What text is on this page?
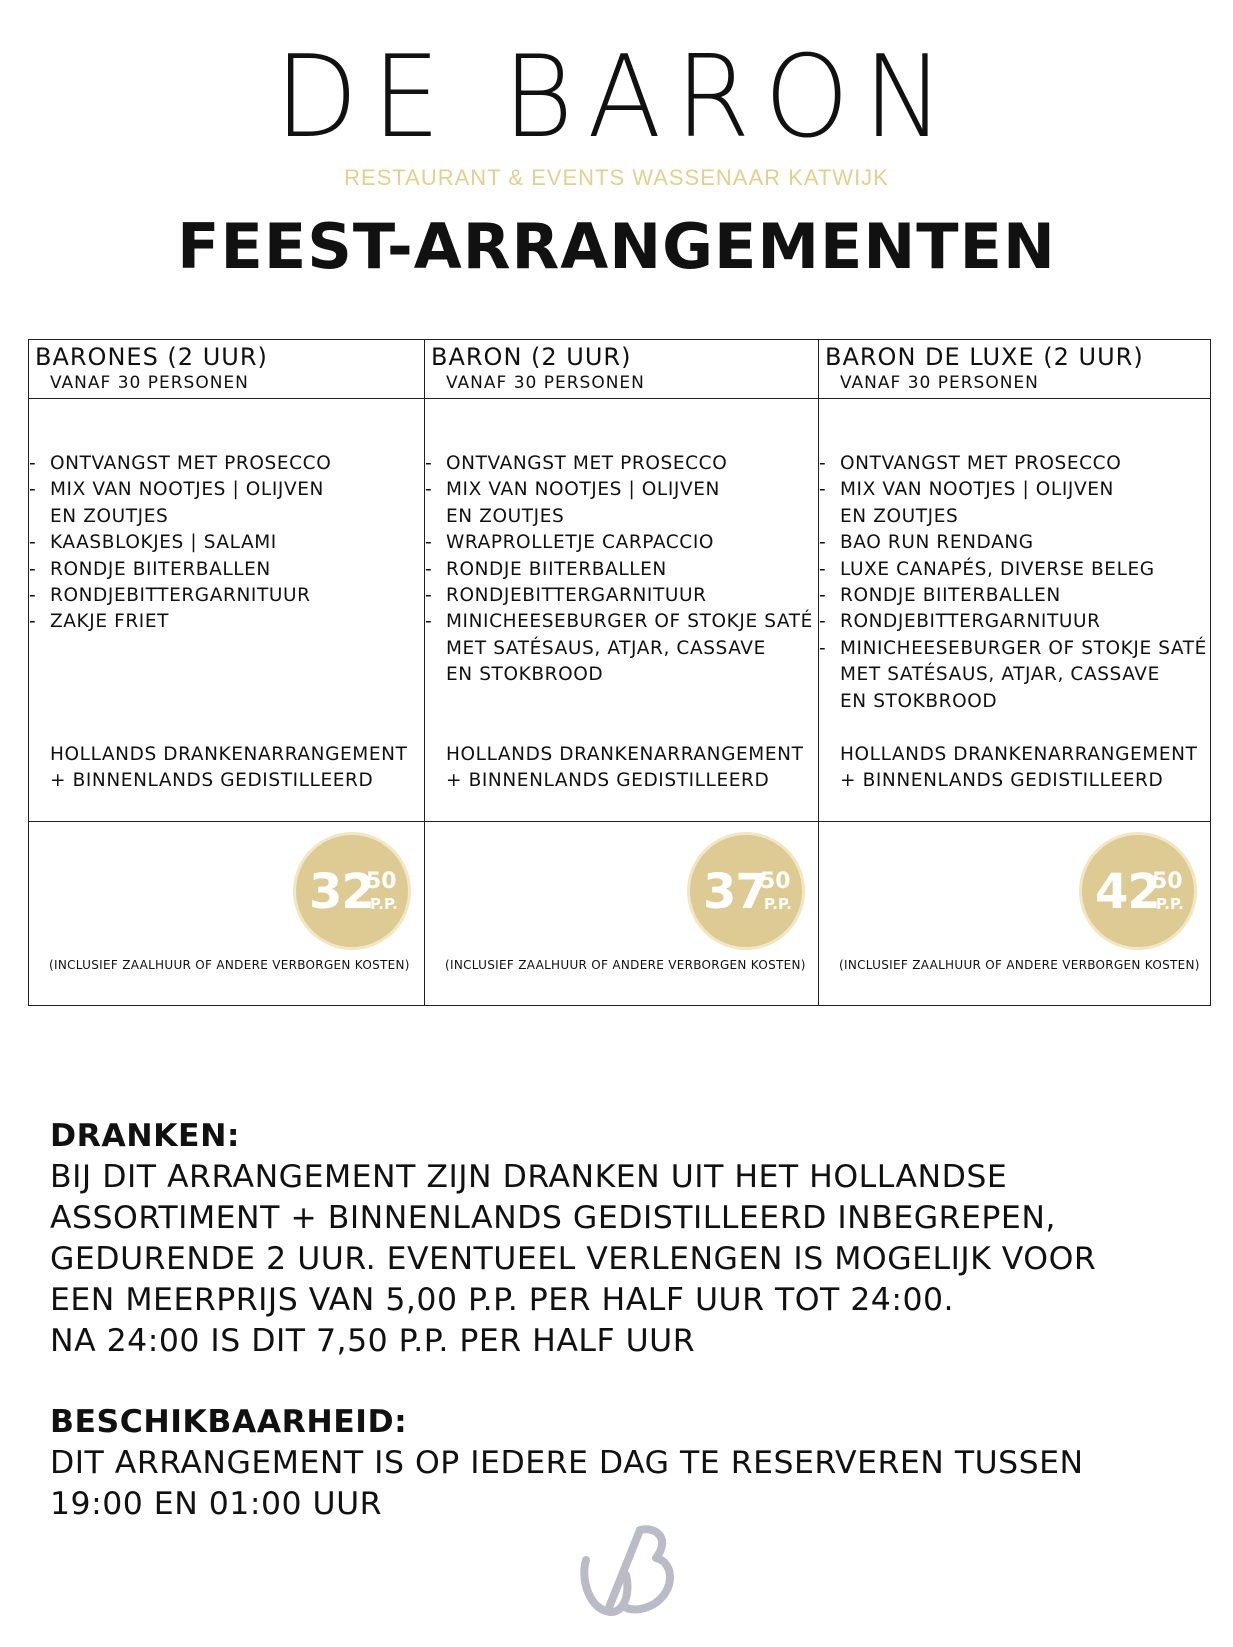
DE BARON
RESTAURANT & EVENTS WASSENAAR KATWIJK
FEEST-ARRANGEMENTEN
BARONES (2 UUR)
VANAF 30 PERSONEN
- ONTVANGST MET PROSECCO
- MIX VAN NOOTJES | OLIJVEN
EN ZOUTJES
- KAASBLOKJES | SALAMI
- RONDJE BIITERBALLEN
- RONDJEBITTERGARNITUUR
- ZAKJE FRIET
HOLLANDS DRANKENARRANGEMENT
+ BINNENLANDS GEDISTILLEERD
32
50
P.P.
(INCLUSIEF ZAALHUUR OF ANDERE VERBORGEN KOSTEN)
BARON (2 UUR)
VANAF 30 PERSONEN
- ONTVANGST MET PROSECCO
- MIX VAN NOOTJES | OLIJVEN
EN ZOUTJES
- WRAPROLLETJE CARPACCIO
- RONDJE BIITERBALLEN
- RONDJEBITTERGARNITUUR
- MINICHEESEBURGER OF STOKJE SATÉ
MET SATÉSAUS, ATJAR, CASSAVE
EN STOKBROOD
HOLLANDS DRANKENARRANGEMENT
+ BINNENLANDS GEDISTILLEERD
37
50
P.P.
(INCLUSIEF ZAALHUUR OF ANDERE VERBORGEN KOSTEN)
BARON DE LUXE (2 UUR)
VANAF 30 PERSONEN
- ONTVANGST MET PROSECCO
- MIX VAN NOOTJES | OLIJVEN
EN ZOUTJES
- BAO RUN RENDANG
- LUXE CANAPÉS, DIVERSE BELEG
- RONDJE BIITERBALLEN
- RONDJEBITTERGARNITUUR
- MINICHEESEBURGER OF STOKJE SATÉ
MET SATÉSAUS, ATJAR, CASSAVE
EN STOKBROOD
HOLLANDS DRANKENARRANGEMENT
+ BINNENLANDS GEDISTILLEERD
42
50
P.P.
(INCLUSIEF ZAALHUUR OF ANDERE VERBORGEN KOSTEN)
DRANKEN:
BIJ DIT ARRANGEMENT ZIJN DRANKEN UIT HET HOLLANDSE
ASSORTIMENT + BINNENLANDS GEDISTILLEERD INBEGREPEN,
GEDURENDE 2 UUR. EVENTUEEL VERLENGEN IS MOGELIJK VOOR
EEN MEERPRIJS VAN 5,00 P.P. PER HALF UUR TOT 24:00.
NA 24:00 IS DIT 7,50 P.P. PER HALF UUR
BESCHIKBAARHEID:
DIT ARRANGEMENT IS OP IEDERE DAG TE RESERVEREN TUSSEN
19:00 EN 01:00 UUR
